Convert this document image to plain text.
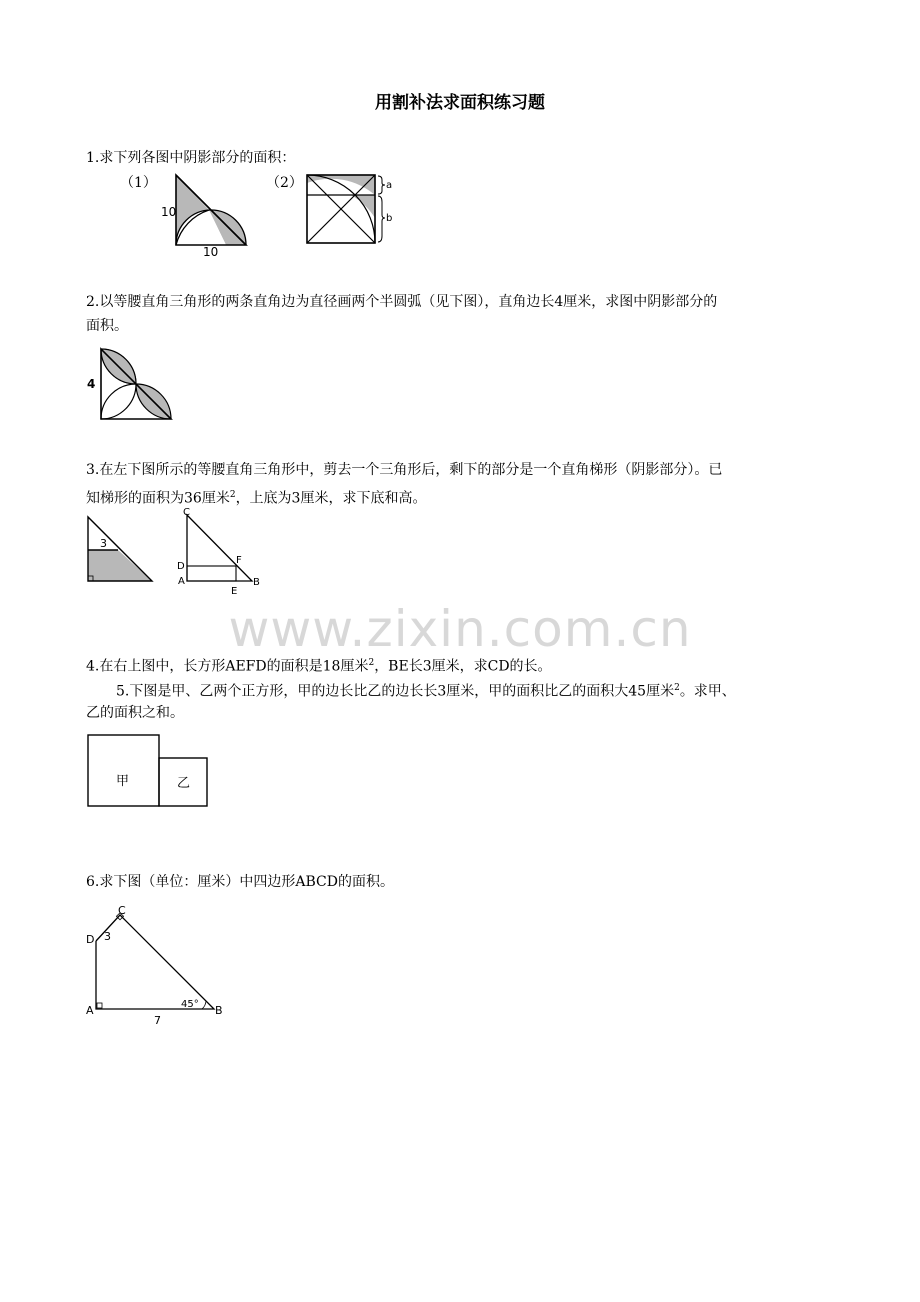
www.zixin.com.cn
用割补法求面积练习题
1.求下列各图中阴影部分的面积：
（1）	（2）
10
10
a
b
2.以等腰直角三角形的两条直角边为直径画两个半圆弧（见下图），直角边长4厘米，求图中阴影部分的
面积。
4
3.在左下图所示的等腰直角三角形中，剪去一个三角形后，剩下的部分是一个直角梯形（阴影部分）。已
知梯形的面积为36厘米$^2$，上底为3厘米，求下底和高。
3
C
D
F
A
E
B
4.在右上图中，长方形AEFD的面积是18厘米$^2$，BE长3厘米，求CD的长。
5.下图是甲、乙两个正方形，甲的边长比乙的边长长3厘米，甲的面积比乙的面积大45厘米$^2$。求甲、
乙的面积之和。
甲	乙
6.求下图（单位：厘米）中四边形ABCD的面积。
C
D 3
A	B
45°
7
